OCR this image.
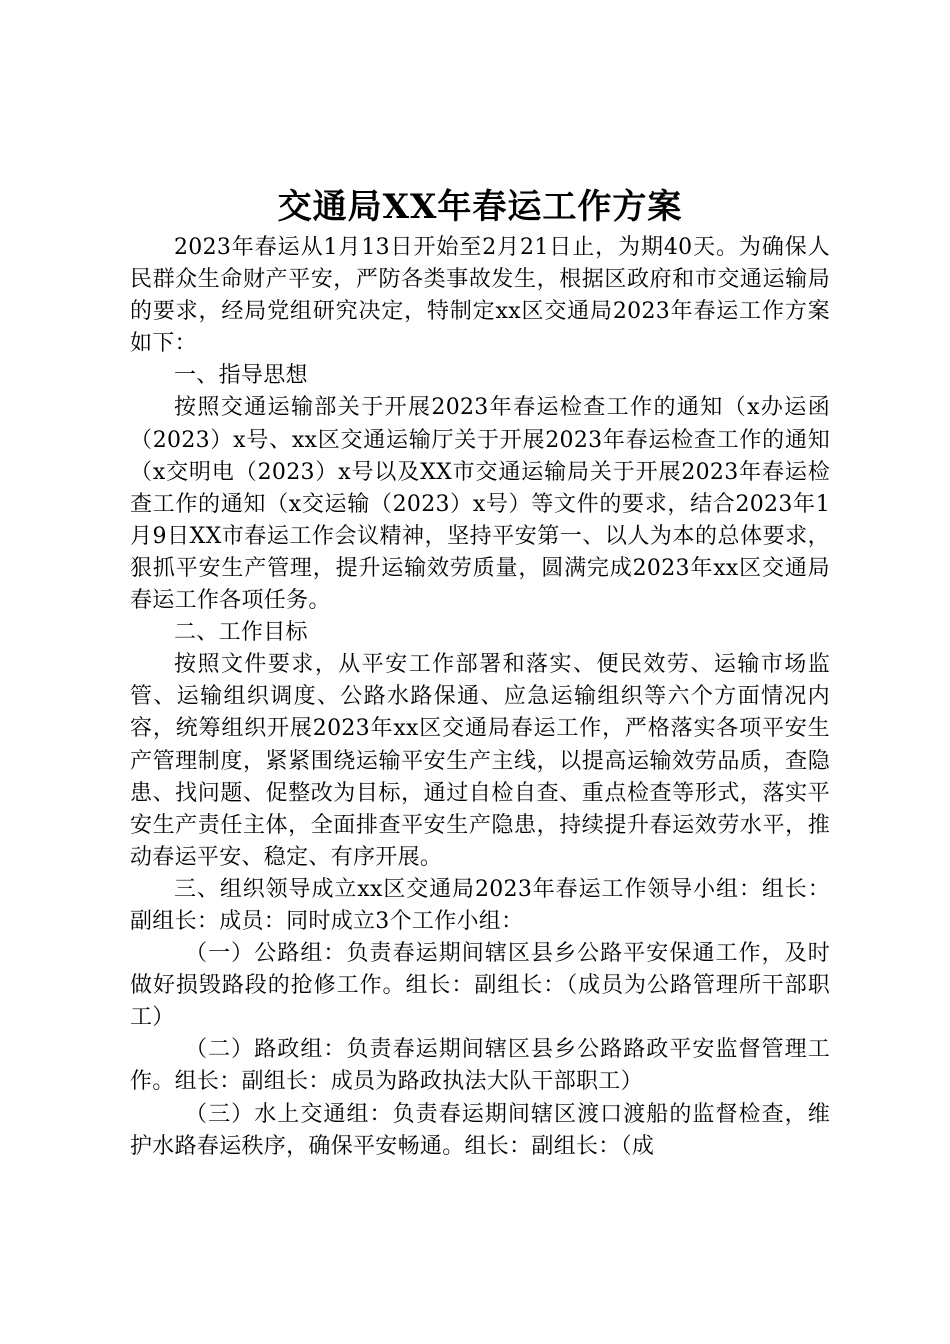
交通局XX年春运工作方案

2023年春运从1月13日开始至2月21日止，为期40天。为确保人民群众生命财产平安，严防各类事故发生，根据区政府和市交通运输局的要求，经局党组研究决定，特制定xx区交通局2023年春运工作方案如下：

一、指导思想

按照交通运输部关于开展2023年春运检查工作的通知（x办运函（2023）x号、xx区交通运输厅关于开展2023年春运检查工作的通知（x交明电（2023）x号以及XX市交通运输局关于开展2023年春运检查工作的通知（x交运输（2023）x号）等文件的要求，结合2023年1月9日XX市春运工作会议精神，坚持平安第一、以人为本的总体要求，狠抓平安生产管理，提升运输效劳质量，圆满完成2023年xx区交通局春运工作各项任务。

二、工作目标

按照文件要求，从平安工作部署和落实、便民效劳、运输市场监管、运输组织调度、公路水路保通、应急运输组织等六个方面情况内容，统筹组织开展2023年xx区交通局春运工作，严格落实各项平安生产管理制度，紧紧围绕运输平安生产主线，以提高运输效劳品质，查隐患、找问题、促整改为目标，通过自检自查、重点检查等形式，落实平安生产责任主体，全面排查平安生产隐患，持续提升春运效劳水平，推动春运平安、稳定、有序开展。

三、组织领导成立xx区交通局2023年春运工作领导小组：组长：副组长：成员：同时成立3个工作小组：

（一）公路组：负责春运期间辖区县乡公路平安保通工作，及时做好损毁路段的抢修工作。组长：副组长：（成员为公路管理所干部职工）

（二）路政组：负责春运期间辖区县乡公路路政平安监督管理工作。组长：副组长：成员为路政执法大队干部职工）

（三）水上交通组：负责春运期间辖区渡口渡船的监督检查，维护水路春运秩序，确保平安畅通。组长：副组长：（成
